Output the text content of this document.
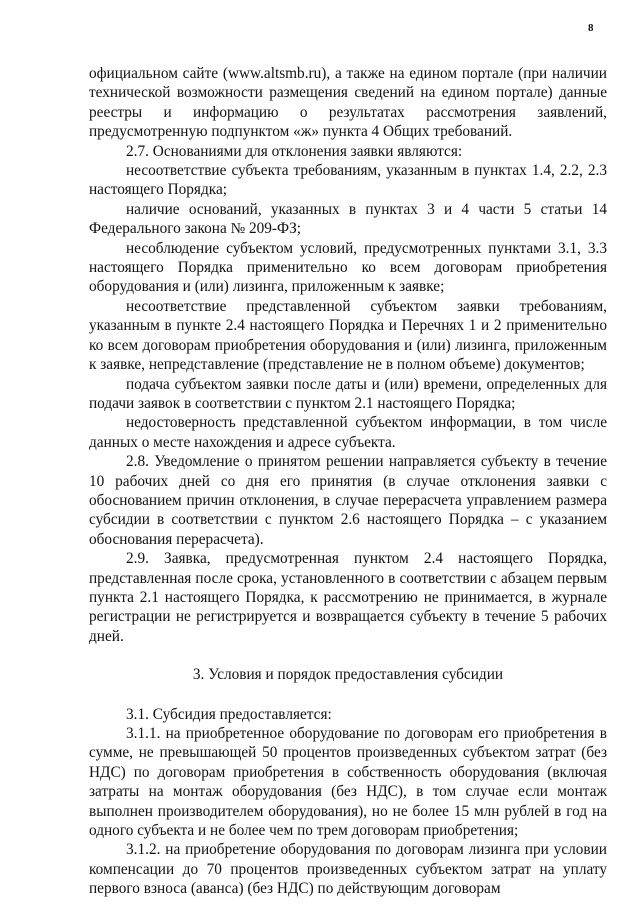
8

официальном сайте (www.altsmb.ru), а также на едином портале (при наличии технической возможности размещения сведений на едином портале) данные реестры и информацию о результатах рассмотрения заявлений, предусмотренную подпунктом «ж» пункта 4 Общих требований.

2.7. Основаниями для отклонения заявки являются:

несоответствие субъекта требованиям, указанным в пунктах 1.4, 2.2, 2.3 настоящего Порядка;

наличие оснований, указанных в пунктах 3 и 4 части 5 статьи 14 Федерального закона № 209-ФЗ;

несоблюдение субъектом условий, предусмотренных пунктами 3.1, 3.3 настоящего Порядка применительно ко всем договорам приобретения оборудования и (или) лизинга, приложенным к заявке;

несоответствие представленной субъектом заявки требованиям, указанным в пункте 2.4 настоящего Порядка и Перечнях 1 и 2 применительно ко всем договорам приобретения оборудования и (или) лизинга, приложенным к заявке, непредставление (представление не в полном объеме) документов;

подача субъектом заявки после даты и (или) времени, определенных для подачи заявок в соответствии с пунктом 2.1 настоящего Порядка;

недостоверность представленной субъектом информации, в том числе данных о месте нахождения и адресе субъекта.

2.8. Уведомление о принятом решении направляется субъекту в течение 10 рабочих дней со дня его принятия (в случае отклонения заявки с обоснованием причин отклонения, в случае перерасчета управлением размера субсидии в соответствии с пунктом 2.6 настоящего Порядка – с указанием обоснования перерасчета).

2.9. Заявка, предусмотренная пунктом 2.4 настоящего Порядка, представленная после срока, установленного в соответствии с абзацем первым пункта 2.1 настоящего Порядка, к рассмотрению не принимается, в журнале регистрации не регистрируется и возвращается субъекту в течение 5 рабочих дней.

3. Условия и порядок предоставления субсидии

3.1. Субсидия предоставляется:

3.1.1. на приобретенное оборудование по договорам его приобретения в сумме, не превышающей 50 процентов произведенных субъектом затрат (без НДС) по договорам приобретения в собственность оборудования (включая затраты на монтаж оборудования (без НДС), в том случае если монтаж выполнен производителем оборудования), но не более 15 млн рублей в год на одного субъекта и не более чем по трем договорам приобретения;

3.1.2. на приобретение оборудования по договорам лизинга при условии компенсации до 70 процентов произведенных субъектом затрат на уплату первого взноса (аванса) (без НДС) по действующим договорам
